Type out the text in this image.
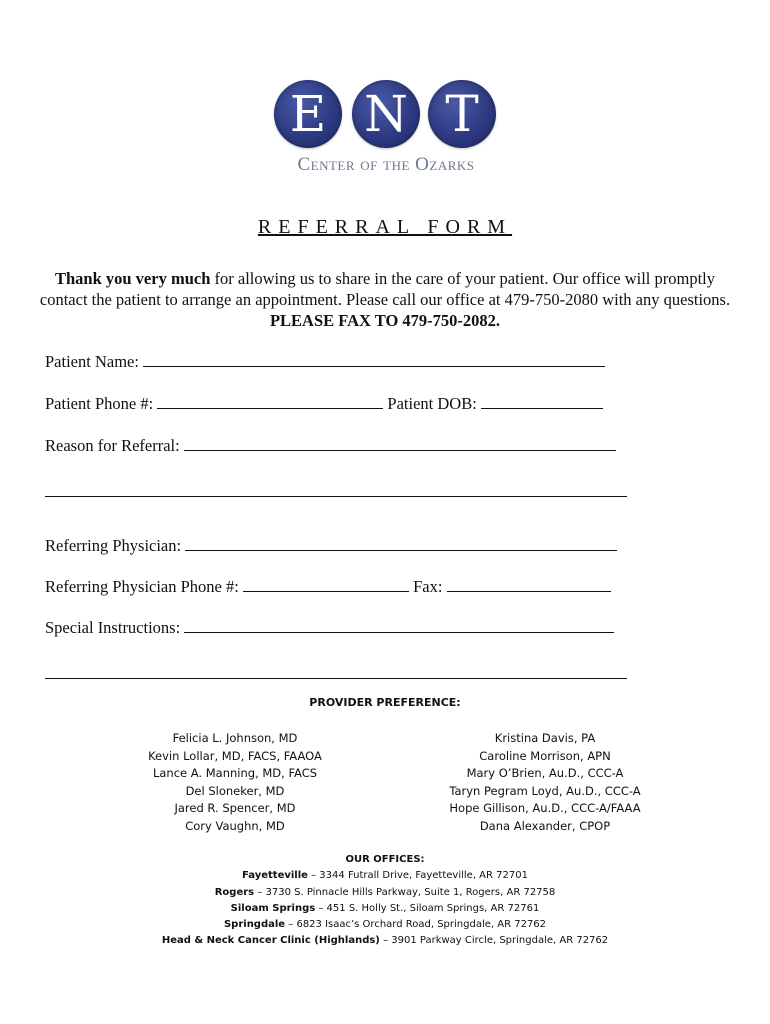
E N T
Center of the Ozarks
REFERRAL FORM
Thank you very much for allowing us to share in the care of your patient. Our office will promptly contact the patient to arrange an appointment. Please call our office at 479-750-2080 with any questions. PLEASE FAX TO 479-750-2082.
Patient Name:
Patient Phone #:	Patient DOB:
Reason for Referral:
Referring Physician:
Referring Physician Phone #:	Fax:
Special Instructions:
PROVIDER PREFERENCE:
Felicia L. Johnson, MD
Kevin Lollar, MD, FACS, FAAOA
Lance A. Manning, MD, FACS
Del Sloneker, MD
Jared R. Spencer, MD
Cory Vaughn, MD
Kristina Davis, PA
Caroline Morrison, APN
Mary O’Brien, Au.D., CCC-A
Taryn Pegram Loyd, Au.D., CCC-A
Hope Gillison, Au.D., CCC-A/FAAA
Dana Alexander, CPOP
OUR OFFICES:
Fayetteville – 3344 Futrall Drive, Fayetteville, AR 72701
Rogers – 3730 S. Pinnacle Hills Parkway, Suite 1, Rogers, AR 72758
Siloam Springs – 451 S. Holly St., Siloam Springs, AR 72761
Springdale – 6823 Isaac’s Orchard Road, Springdale, AR 72762
Head & Neck Cancer Clinic (Highlands) – 3901 Parkway Circle, Springdale, AR 72762
